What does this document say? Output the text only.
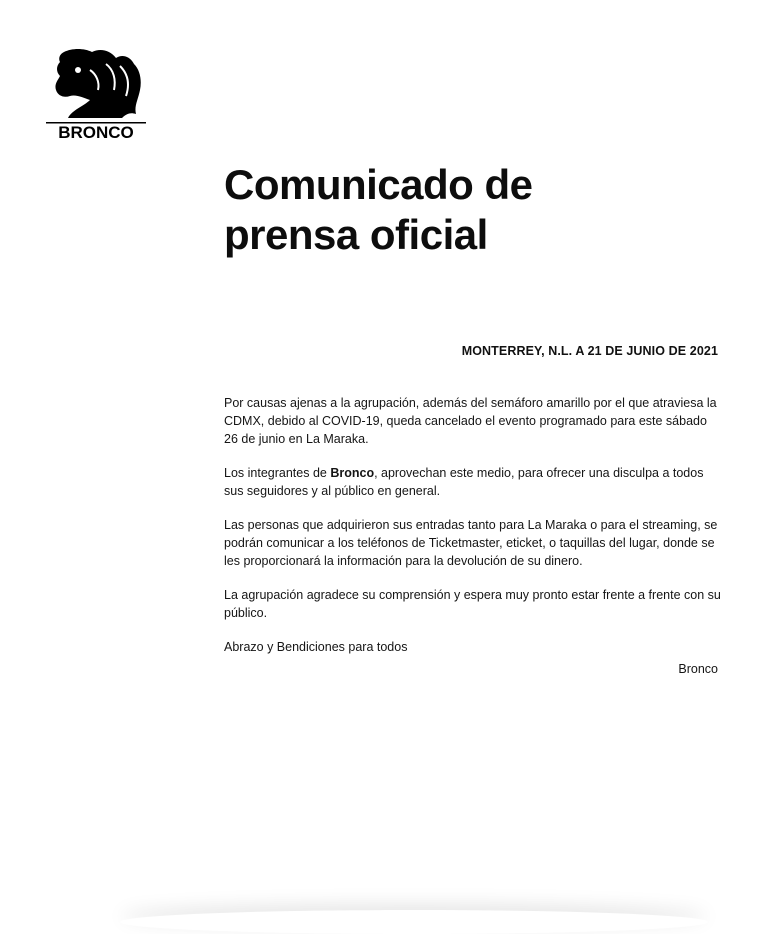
BRONCO
Comunicado de
prensa oficial
MONTERREY, N.L. A 21 DE JUNIO DE 2021

Por causas ajenas a la agrupación, además del semáforo amarillo por el que atraviesa la CDMX, debido al COVID-19, queda cancelado el evento programado para este sábado 26 de junio en La Maraka.

Los integrantes de Bronco, aprovechan este medio, para ofrecer una disculpa a todos sus seguidores y al público en general.

Las personas que adquirieron sus entradas tanto para La Maraka o para el streaming, se podrán comunicar a los teléfonos de Ticketmaster, eticket, o taquillas del lugar, donde se les proporcionará la información para la devolución de su dinero.

La agrupación agradece su comprensión y espera muy pronto estar frente a frente con su público.

Abrazo y Bendiciones para todos

Bronco
